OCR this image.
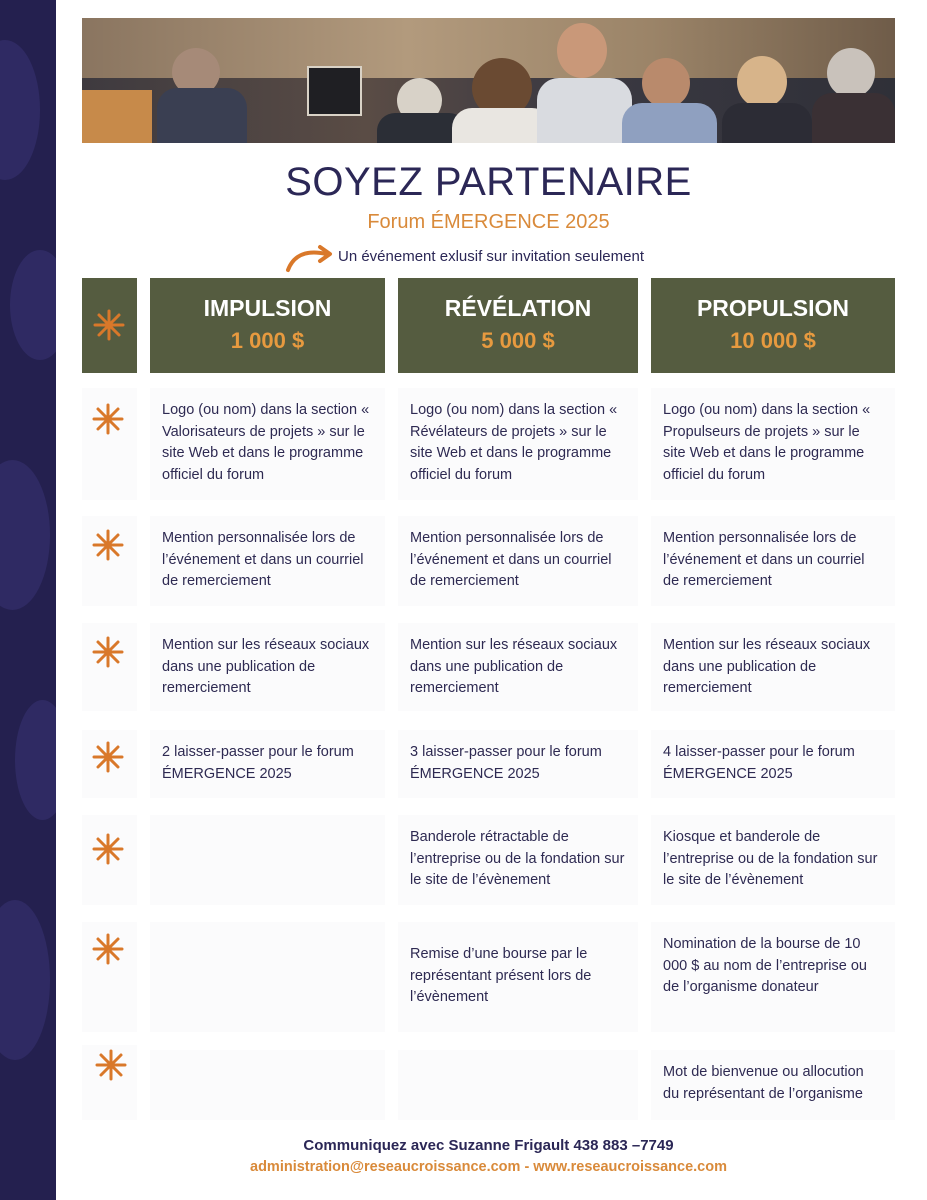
SOYEZ PARTENAIRE
Forum ÉMERGENCE 2025
Un événement exlusif sur invitation seulement
IMPULSION
1 000 $
RÉVÉLATION
5 000 $
PROPULSION
10 000 $
Logo (ou nom) dans la section « Valorisateurs de projets » sur le site Web et dans le programme officiel du forum
Logo (ou nom) dans la section « Révélateurs de projets » sur le site Web et dans le programme officiel du forum
Logo (ou nom) dans la section « Propulseurs de projets » sur le site Web et dans le programme officiel du forum
Mention personnalisée lors de l’événement et dans un courriel de remerciement
Mention personnalisée lors de l’événement et dans un courriel de remerciement
Mention personnalisée lors de l’événement et dans un courriel de remerciement
Mention sur les réseaux sociaux dans une publication de remerciement
Mention sur les réseaux sociaux dans une publication de remerciement
Mention sur les réseaux sociaux dans une publication de remerciement
2 laisser-passer pour le forum ÉMERGENCE 2025
3 laisser-passer pour le forum ÉMERGENCE 2025
4 laisser-passer pour le forum ÉMERGENCE 2025
Banderole rétractable de l’entreprise ou de la fondation sur le site de l’évènement
Kiosque et banderole de l’entreprise ou de la fondation sur le site de l’évènement
Remise d’une bourse par le représentant présent lors de l’évènement
Nomination de la bourse de 10 000 $ au nom de l’entreprise ou de l’organisme donateur
Mot de bienvenue ou allocution du représentant de l’organisme
Communiquez avec Suzanne Frigault 438 883 –7749
administration@reseaucroissance.com - www.reseaucroissance.com
